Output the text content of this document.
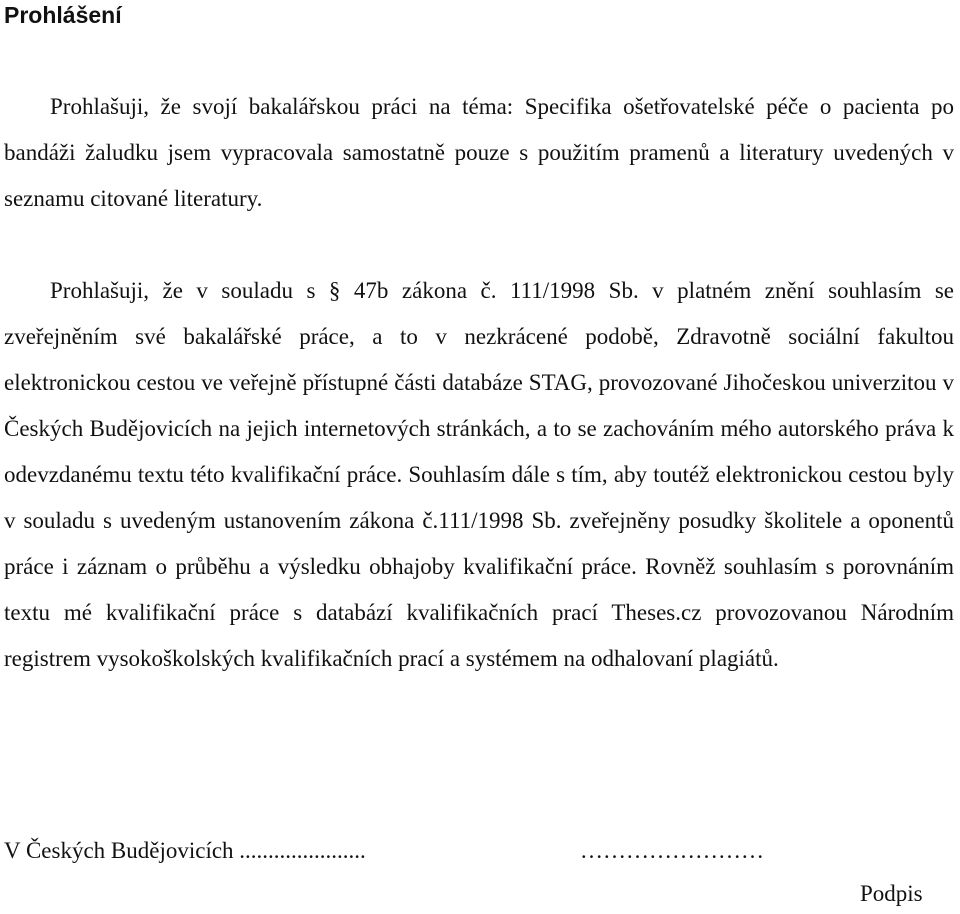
Prohlášení

Prohlašuji, že svojí bakalářskou práci na téma: Specifika ošetřovatelské péče o pacienta po bandáži žaludku jsem vypracovala samostatně pouze s použitím pramenů a literatury uvedených v seznamu citované literatury.

Prohlašuji, že v souladu s § 47b zákona č. 111/1998 Sb. v platném znění souhlasím se zveřejněním své bakalářské práce, a to v nezkrácené podobě, Zdravotně sociální fakultou elektronickou cestou ve veřejně přístupné části databáze STAG, provozované Jihočeskou univerzitou v Českých Budějovicích na jejich internetových stránkách, a to se zachováním mého autorského práva k odevzdanému textu této kvalifikační práce. Souhlasím dále s tím, aby toutéž elektronickou cestou byly v souladu s uvedeným ustanovením zákona č.111/1998 Sb. zveřejněny posudky školitele a oponentů práce i záznam o průběhu a výsledku obhajoby kvalifikační práce. Rovněž souhlasím s porovnáním textu mé kvalifikační práce s databází kvalifikačních prací Theses.cz provozovanou Národním registrem vysokoškolských kvalifikačních prací a systémem na odhalovaní plagiátů.

V Českých Budějovicích ......................	……………………
Podpis
